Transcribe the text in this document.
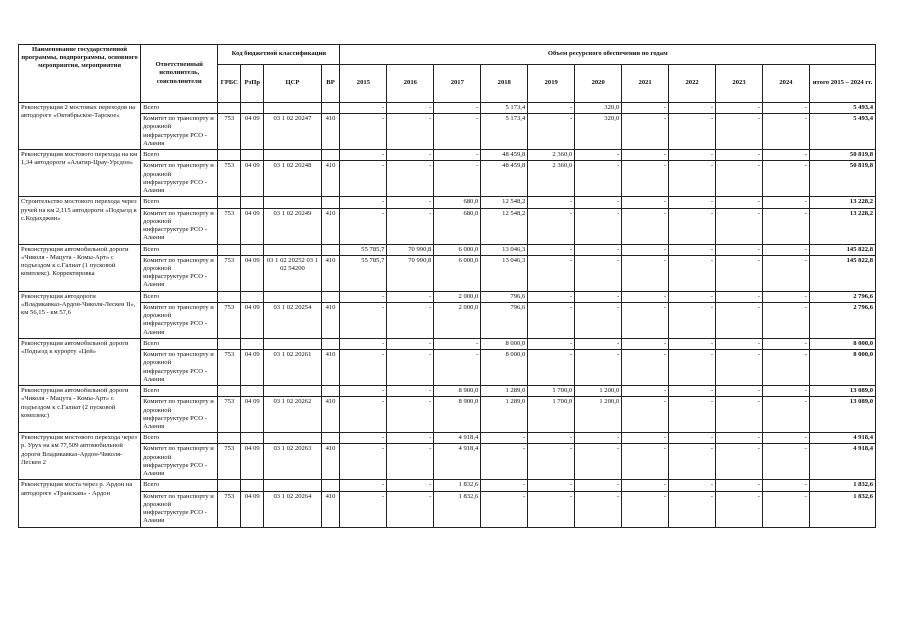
Наименование государственной программы, подпрограммы, основного мероприятия, мероприятия	Ответственный исполнитель, соисполнители	Код бюджетной классификации				Объем ресурсного обеспечения по годам										
		ГРБС	РзПр	ЦСР	ВР	2015	2016	2017	2018	2019	2020	2021	2022	2023	2024	итого 2015 – 2024 гг.
Реконструкция 2 мостовых переходов на автодороге «Октябрьское-Тарское»	Всего					-	-	-	5 173,4	-	320,0	-	-	-	-	5 493,4
	Комитет по транспорту и дорожной инфраструктуре РСО - Алания	753	04 09	03 1 02 20247	410	-	-	-	5 173,4	-	320,0	-	-	-	-	5 493,4
Реконструкция мостового перехода на км 1,34 автодороги «Алагир-Црау-Урсдон»	Всего					-	-	-	48 459,8	2 360,0	-	-	-	-	-	50 819,8
	Комитет по транспорту и дорожной инфраструктуре РСО - Алания	753	04 09	03 1 02 20248	410	-	-	-	48 459,8	2 360,0	-	-	-	-	-	50 819,8
Строительство мостового перехода через ручей на км 2,115 автодороги «Подъезд к с.Кодахджин»	Всего					-	-	680,0	12 548,2	-	-	-	-	-	-	13 228,2
	Комитет по транспорту и дорожной инфраструктуре РСО - Алания	753	04 09	03 1 02 20249	410	-	-	680,0	12 548,2	-	-	-	-	-	-	13 228,2
Реконструкция автомобильной дороги «Чиколя - Мацута - Комы-Арт» с подъездом к с.Галиат (1 пусковой комплекс). Корректировка	Всего					55 785,7	70 990,8	6 000,0	13 046,3	-	-	-	-	-	-	145 822,8
	Комитет по транспорту и дорожной инфраструктуре РСО - Алания	753	04 09	03 1 02 20252 03 1 02 54200	410	55 785,7	70 990,8	6 000,0	13 046,3	-	-	-	-	-	-	145 822,8
Реконструкция автодороги «Владикавказ-Ардон-Чиколя-Лескен II», км 56,15 - км 57,6	Всего					-	-	2 000,0	796,6	-	-	-	-	-	-	2 796,6
	Комитет по транспорту и дорожной инфраструктуре РСО - Алания	753	04 09	03 1 02 20254	410	-	-	2 000,0	796,6	-	-	-	-	-	-	2 796,6
Реконструкция автомобильной дороги «Подъезд к курорту «Цей»	Всего					-	-	-	8 000,0	-	-	-	-	-	-	8 000,0
	Комитет по транспорту и дорожной инфраструктуре РСО - Алания	753	04 09	03 1 02 20261	410	-	-	-	8 000,0	-	-	-	-	-	-	8 000,0
Реконструкция автомобильной дороги «Чиколя - Мацута - Комы-Арт» с подъездом к с.Галиат (2 пусковой комплекс)	Всего					-	-	8 900,0	1 289,0	1 700,0	1 200,0	-	-	-	-	13 089,0
	Комитет по транспорту и дорожной инфраструктуре РСО - Алания	753	04 09	03 1 02 20262	410	-	-	8 900,0	1 289,0	1 700,0	1 200,0	-	-	-	-	13 089,0
Реконструкция мостового перехода через р. Урух на км 77,509 автомобильной дороги Владикавказ-Ардон-Чиколя-Лескен 2	Всего					-	-	4 918,4	-	-	-	-	-	-	-	4 918,4
	Комитет по транспорту и дорожной инфраструктуре РСО - Алания	753	04 09	03 1 02 20263	410	-	-	4 918,4	-	-	-	-	-	-	-	4 918,4
Реконструкция моста через р. Ардон на автодороге «Транскам» - Ардон	Всего					-	-	1 832,6	-	-	-	-	-	-	-	1 832,6
	Комитет по транспорту и дорожной инфраструктуре РСО - Алания	753	04 09	03 1 02 20264	410	-	-	1 832,6	-	-	-	-	-	-	-	1 832,6
